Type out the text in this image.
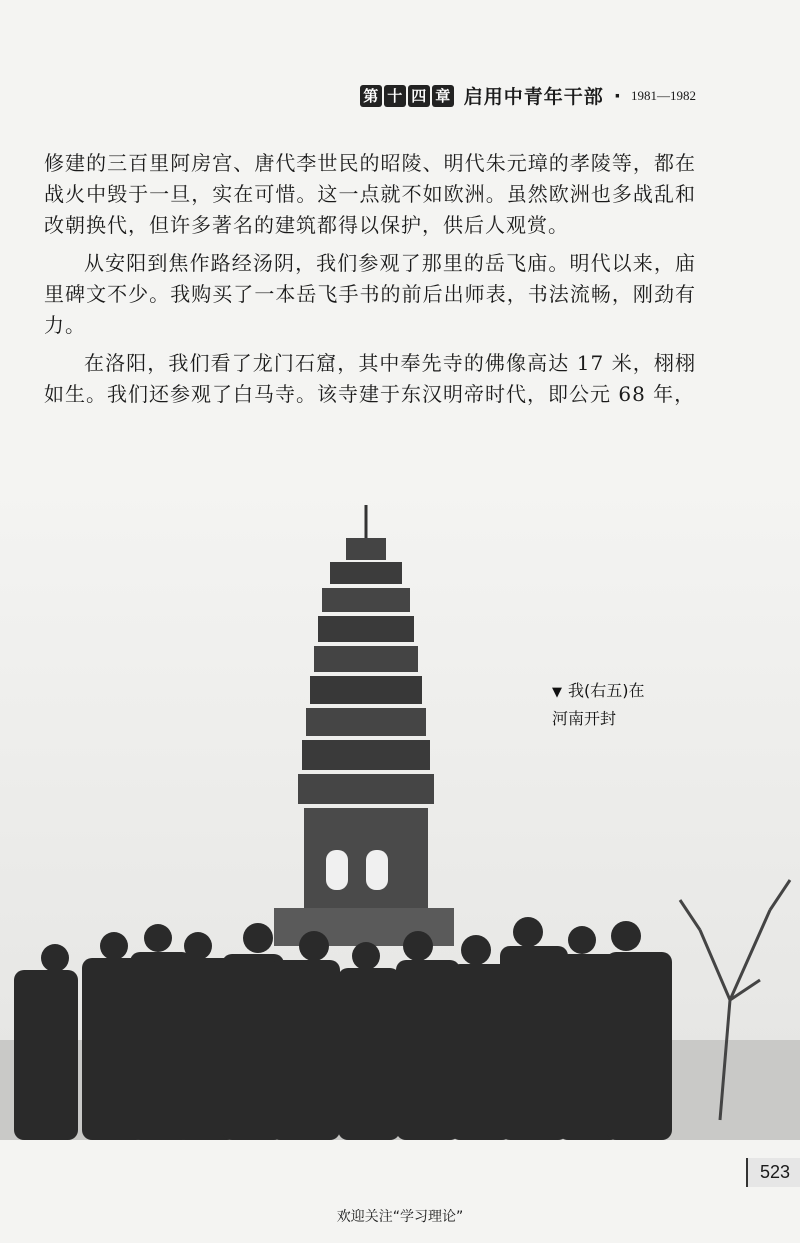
第 十 四 章 启用中青年干部 · 1981—1982

修建的三百里阿房宫、唐代李世民的昭陵、明代朱元璋的孝陵等，都在战火中毁于一旦，实在可惜。这一点就不如欧洲。虽然欧洲也多战乱和改朝换代，但许多著名的建筑都得以保护，供后人观赏。

从安阳到焦作路经汤阴，我们参观了那里的岳飞庙。明代以来，庙里碑文不少。我购买了一本岳飞手书的前后出师表，书法流畅，刚劲有力。

在洛阳，我们看了龙门石窟，其中奉先寺的佛像高达 17 米，栩栩如生。我们还参观了白马寺。该寺建于东汉明帝时代，即公元 68 年，

▼ 我(右五)在
河南开封
523
欢迎关注“学习理论”
